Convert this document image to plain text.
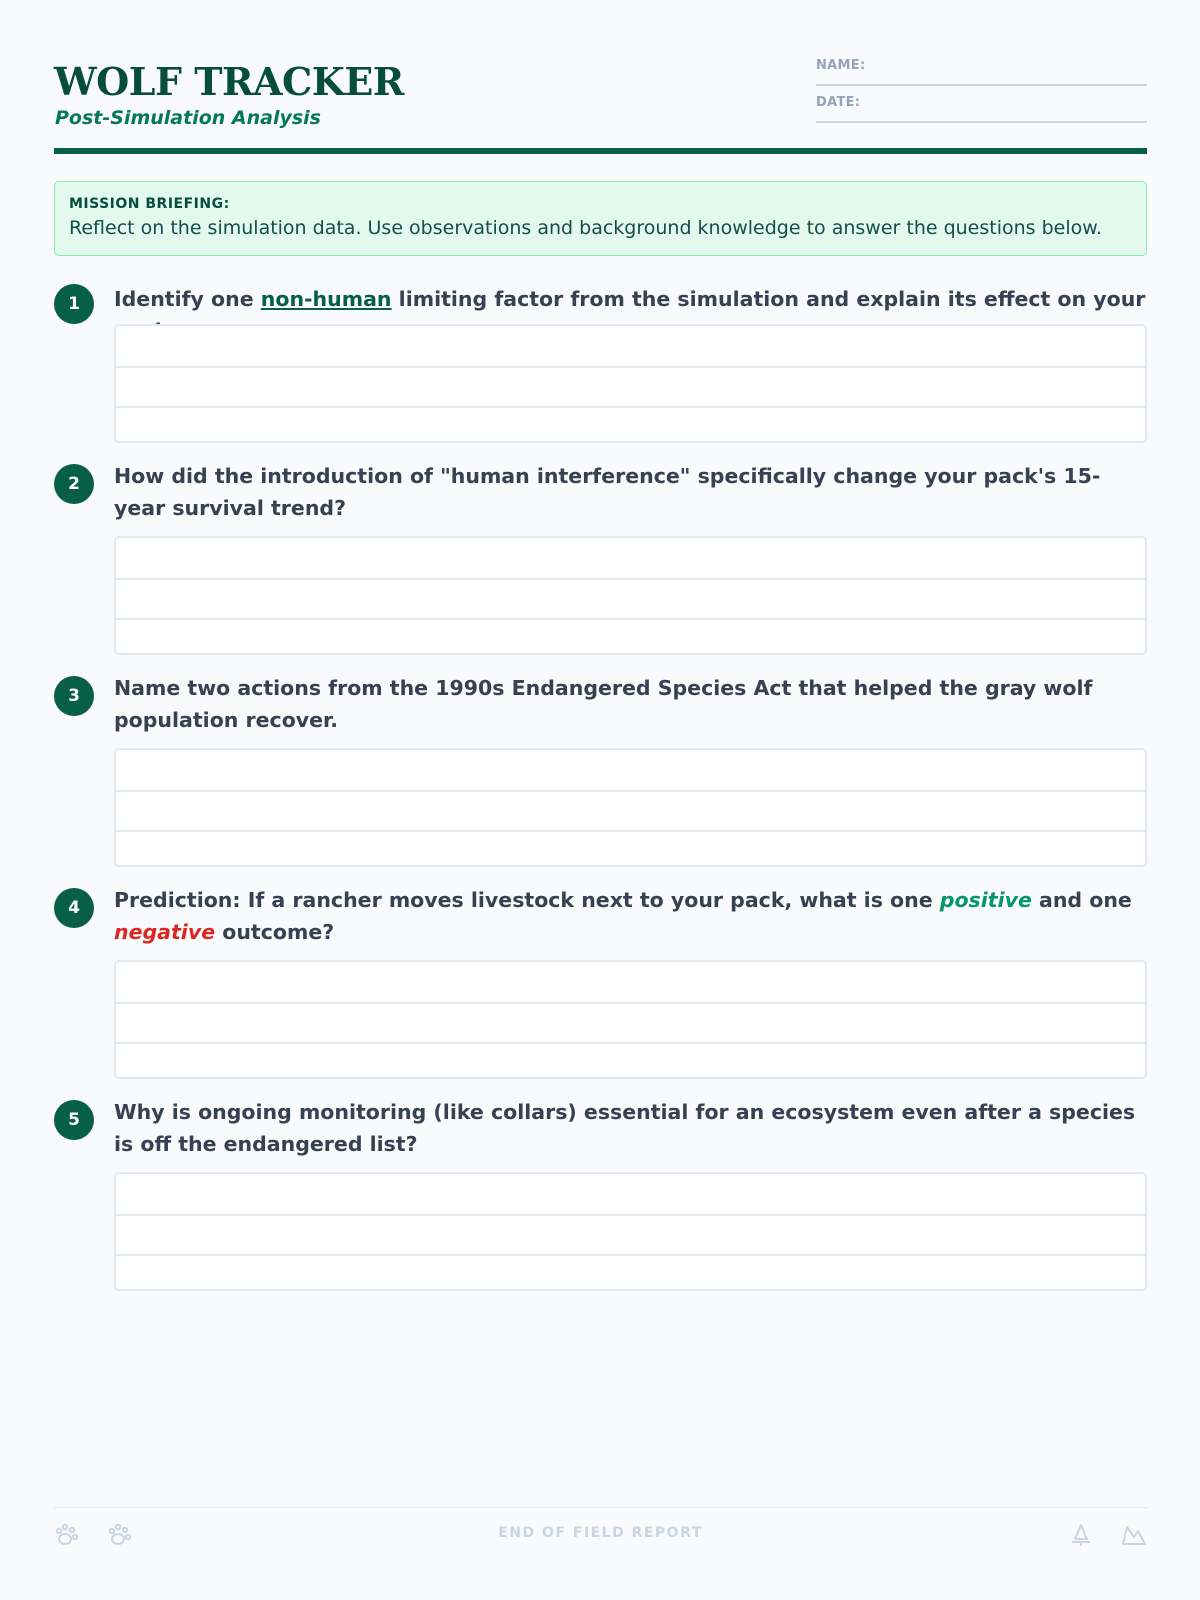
WOLF TRACKER
Post-Simulation Analysis
NAME:
DATE:
MISSION BRIEFING:
Reflect on the simulation data. Use observations and background knowledge to answer the questions below.
1	Identify one non-human limiting factor from the simulation and explain its effect on your
2	How did the introduction of "human interference" specifically change your pack's 15-year survival trend?
3	Name two actions from the 1990s Endangered Species Act that helped the gray wolf population recover.
4	Prediction: If a rancher moves livestock next to your pack, what is one positive and one negative outcome?
5	Why is ongoing monitoring (like collars) essential for an ecosystem even after a species is off the endangered list?
END OF FIELD REPORT
